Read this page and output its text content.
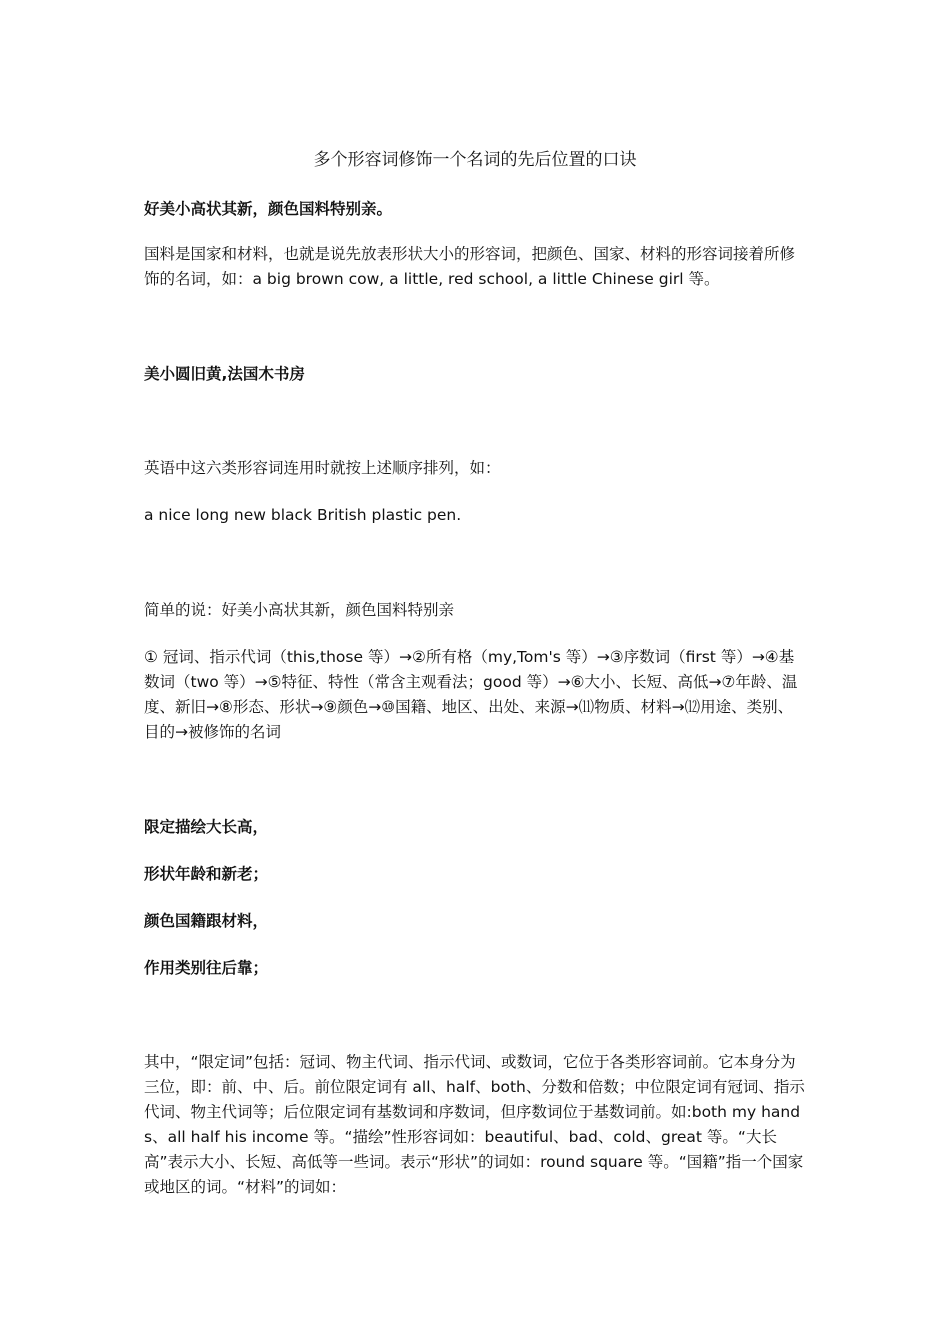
多个形容词修饰一个名词的先后位置的口诀

好美小高状其新，颜色国料特别亲。

国料是国家和材料，也就是说先放表形状大小的形容词，把颜色、国家、材料的形容词接着所修饰的名词，如：a big brown cow, a little, red school, a little Chinese girl 等。

美小圆旧黄,法国木书房

英语中这六类形容词连用时就按上述顺序排列，如：

a nice long new black British plastic pen.

简单的说：好美小高状其新，颜色国料特别亲

① 冠词、指示代词（this,those 等）→②所有格（my,Tom's 等）→③序数词（first 等）→④基数词（two 等）→⑤特征、特性（常含主观看法；good 等）→⑥大小、长短、高低→⑦年龄、温度、新旧→⑧形态、形状→⑨颜色→⑩国籍、地区、出处、来源→⑾物质、材料→⑿用途、类别、目的→被修饰的名词

限定描绘大长高，

形状年龄和新老；

颜色国籍跟材料，

作用类别往后靠；

其中，“限定词”包括：冠词、物主代词、指示代词、或数词，它位于各类形容词前。它本身分为三位，即：前、中、后。前位限定词有 all、half、both、分数和倍数；中位限定词有冠词、指示代词、物主代词等；后位限定词有基数词和序数词，但序数词位于基数词前。如:both my hands、all half his income 等。“描绘”性形容词如：beautiful、bad、cold、great 等。“大长高”表示大小、长短、高低等一些词。表示“形状”的词如：round square 等。“国籍”指一个国家或地区的词。“材料”的词如：
